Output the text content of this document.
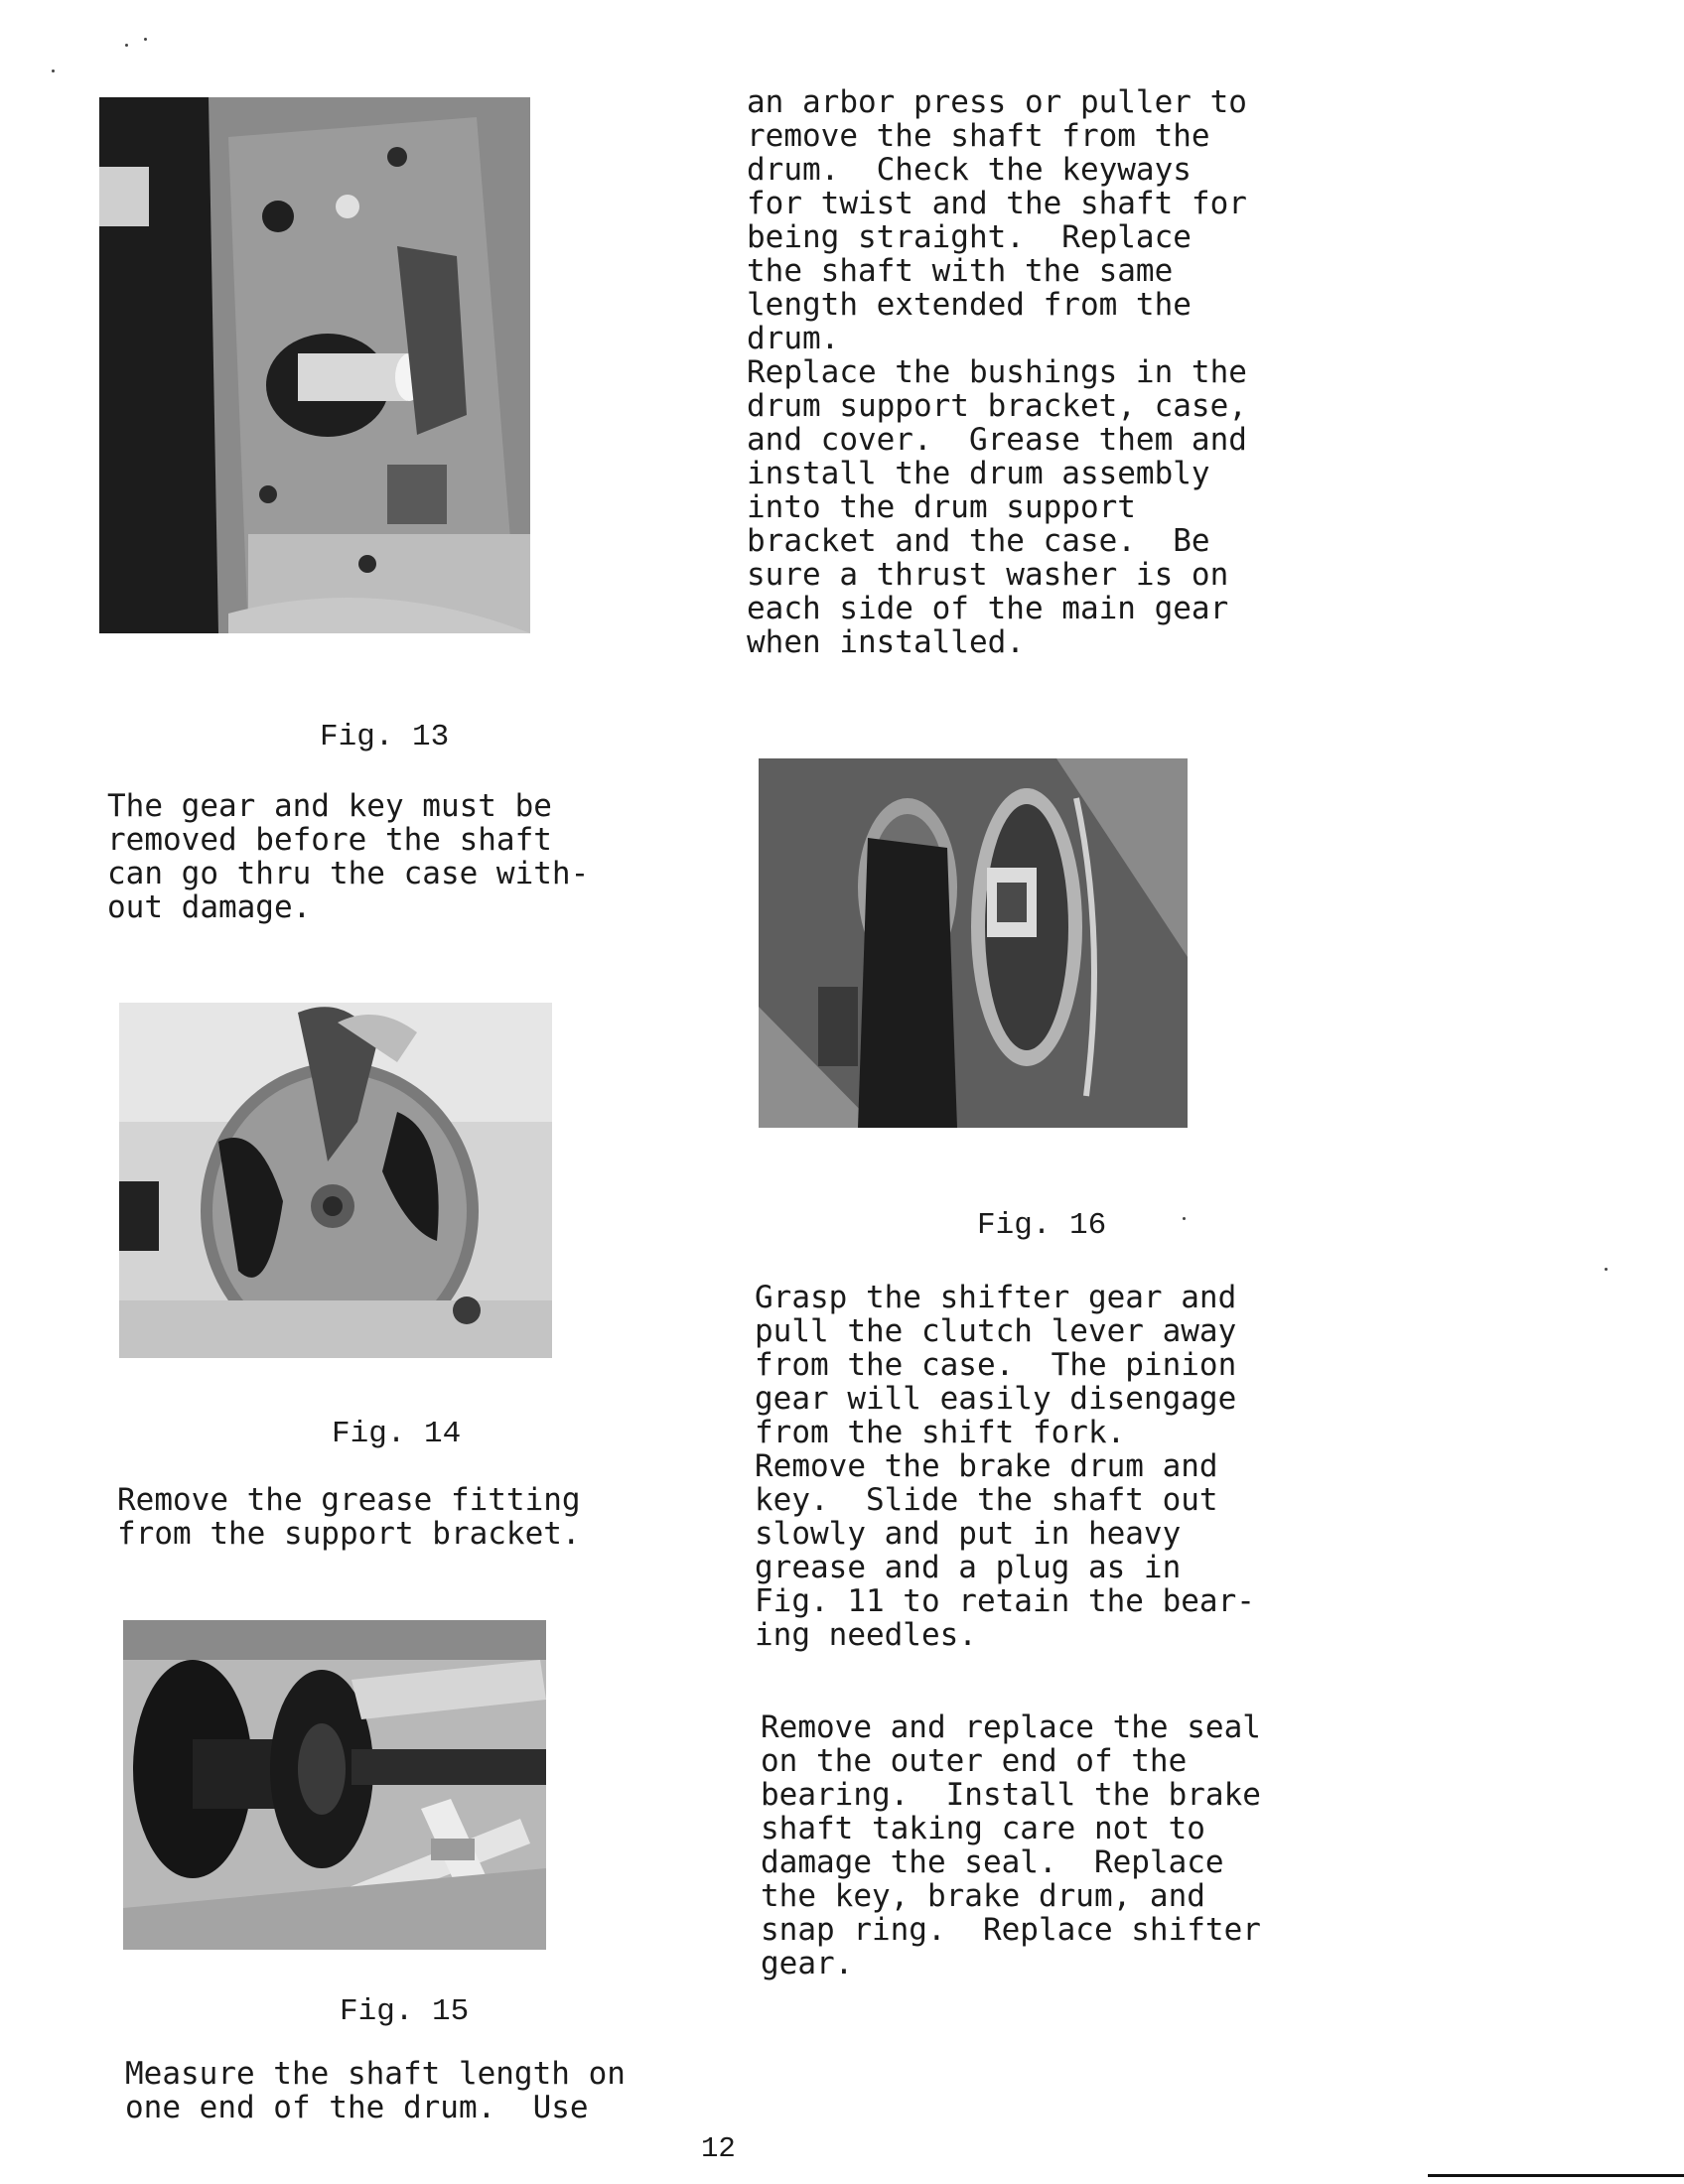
Fig. 13
The gear and key must be
removed before the shaft
can go thru the case with-
out damage.
Fig. 14
Remove the grease fitting
from the support bracket.
Fig. 15
Measure the shaft length on
one end of the drum.  Use
an arbor press or puller to
remove the shaft from the
drum.  Check the keyways
for twist and the shaft for
being straight.  Replace
the shaft with the same
length extended from the
drum.
Replace the bushings in the
drum support bracket, case,
and cover.  Grease them and
install the drum assembly
into the drum support
bracket and the case.  Be
sure a thrust washer is on
each side of the main gear
when installed.
Fig. 16
Grasp the shifter gear and
pull the clutch lever away
from the case.  The pinion
gear will easily disengage
from the shift fork.
Remove the brake drum and
key.  Slide the shaft out
slowly and put in heavy
grease and a plug as in
Fig. 11 to retain the bear-
ing needles.
Remove and replace the seal
on the outer end of the
bearing.  Install the brake
shaft taking care not to
damage the seal.  Replace
the key, brake drum, and
snap ring.  Replace shifter
gear.
12
